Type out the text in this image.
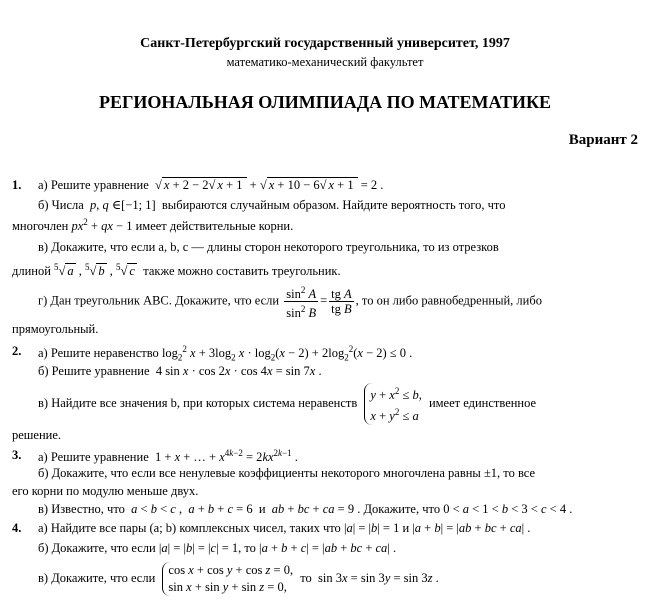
Санкт-Петербургский государственный университет, 1997
математико-механический факультет
РЕГИОНАЛЬНАЯ ОЛИМПИАДА ПО МАТЕМАТИКЕ
Вариант 2
1. а) Решите уравнение  √ x + 2 − 2√ x + 1 + √ x + 10 − 6√ x + 1 = 2 .
б) Числа p, q ∈[−1; 1]  выбираются случайным образом. Найдите вероятность того, что
многочлен $px^2$ + qx − 1 имеет действительные корни.
в) Докажите, что если a, b, c — длины сторон некоторого треугольника, то из отрезков
длиной $^5$√ a , $^5$√ b , $^5$√ c также можно составить треугольник.
г) Дан треугольник ABC. Докажите, что если $\frac{\sin^2 A}{\sin^2 B} = \frac{\text{tg A}}{\text{tg B}}$ , то он либо равнобедренный, либо
прямоугольный.
2. а) Решите неравенство $\log_2^2 x + 3\log_2$ $x \cdot \log_2(x - 2) + 2\log_2^2(x - 2) \le 0$ .
б) Решите уравнение  4 sin x · cos 2x · cos 4x = sin 7x .
в) Найдите все значения b, при которых система неравенств $y + x^2 \le b$,
$x + y^2 \le a$ имеет единственное
решение.
3. а) Решите уравнение  1 + x + … + $x^{4k-2} = 2kx^{2k-1}$ .
б) Докажите, что если все ненулевые коэффициенты некоторого многочлена равны ±1, то все
его корни по модулю меньше двух.
в) Известно, что a < b < c ,  a + b + c = 6  и  ab + bc + ca = 9 . Докажите, что 0 < a < 1 < b < 3 < c < 4 .
4. а) Найдите все пары (a; b) комплексных чисел, таких что |a| = |b| = 1 и |a + b| = |ab + bc + ca| .
б) Докажите, что если |a| = |b| = |c| = 1, то |a + b + c| = |ab + bc + ca| .
в) Докажите, что если cos x + cos y + cos z = 0,
sin x + sin y + sin z = 0, то  sin 3x = sin 3y = sin 3z .
